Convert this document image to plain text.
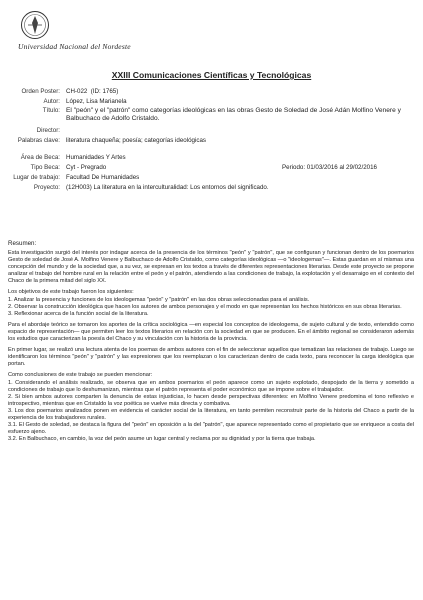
Universidad Nacional del Nordeste
XXIII Comunicaciones Científicas y Tecnológicas
Orden Poster: CH-022 (ID: 1765)
Autor: López, Lisa Marianela
Título: El "peón" y el "patrón" como categorías ideológicas en las obras Gesto de Soledad de José Adán Molfino Venere y Balbuchaco de Adolfo Cristaldo.
Director:
Palabras clave: literatura chaqueña; poesía; categorías ideológicas
Área de Beca: Humanidades Y Artes
Tipo Beca: Cyt - Pregrado	Periodo: 01/03/2016 al 29/02/2016
Lugar de trabajo: Facultad De Humanidades
Proyecto: (12H003) La literatura en la interculturalidad: Los entornos del significado.
Resumen:

Esta investigación surgió del interés por indagar acerca de la presencia de los términos "peón" y "patrón", que se configuran y funcionan dentro de los poemarios Gesto de soledad de José A. Molfino Venere y Balbuchaco de Adolfo Cristaldo, como categorías ideológicas —o "ideologemas"—. Estas guardan en sí mismas una concepción del mundo y de la sociedad que, a su vez, se expresan en los textos a través de diferentes representaciones literarias. Desde este proyecto se propone analizar el trabajo del hombre rural en la relación entre el peón y el patrón, atendiendo a las condiciones de trabajo, la explotación y el desarraigo en el contexto del Chaco de la primera mitad del siglo XX.

Los objetivos de este trabajo fueron los siguientes:

1. Analizar la presencia y funciones de los ideologemas "peón" y "patrón" en las dos obras seleccionadas para el análisis.

2. Observar la construcción ideológica que hacen los autores de ambos personajes y el modo en que representan los hechos históricos en sus obras literarias.

3. Reflexionar acerca de la función social de la literatura.

Para el abordaje teórico se tomaron los aportes de la crítica sociológica —en especial los conceptos de ideologema, de sujeto cultural y de texto, entendido como espacio de representación— que permiten leer los textos literarios en relación con la sociedad en que se producen. En el ámbito regional se consideraron además los estudios que caracterizan la poesía del Chaco y su vinculación con la historia de la provincia.

En primer lugar, se realizó una lectura atenta de los poemas de ambos autores con el fin de seleccionar aquellos que tematizan las relaciones de trabajo. Luego se identificaron los términos "peón" y "patrón" y las expresiones que los reemplazan o los caracterizan dentro de cada texto, para reconocer la carga ideológica que portan.

Como conclusiones de este trabajo se pueden mencionar:

1. Considerando el análisis realizado, se observa que en ambos poemarios el peón aparece como un sujeto explotado, despojado de la tierra y sometido a condiciones de trabajo que lo deshumanizan, mientras que el patrón representa el poder económico que se impone sobre el trabajador.

2. Si bien ambos autores comparten la denuncia de estas injusticias, lo hacen desde perspectivas diferentes: en Molfino Venere predomina el tono reflexivo e introspectivo, mientras que en Cristaldo la voz poética se vuelve más directa y combativa.

3. Los dos poemarios analizados ponen en evidencia el carácter social de la literatura, en tanto permiten reconstruir parte de la historia del Chaco a partir de la experiencia de los trabajadores rurales.

3.1. El Gesto de soledad, se destaca la figura del "peón" en oposición a la del "patrón", que aparece representado como el propietario que se enriquece a costa del esfuerzo ajeno.

3.2. En Balbuchaco, en cambio, la voz del peón asume un lugar central y reclama por su dignidad y por la tierra que trabaja.
